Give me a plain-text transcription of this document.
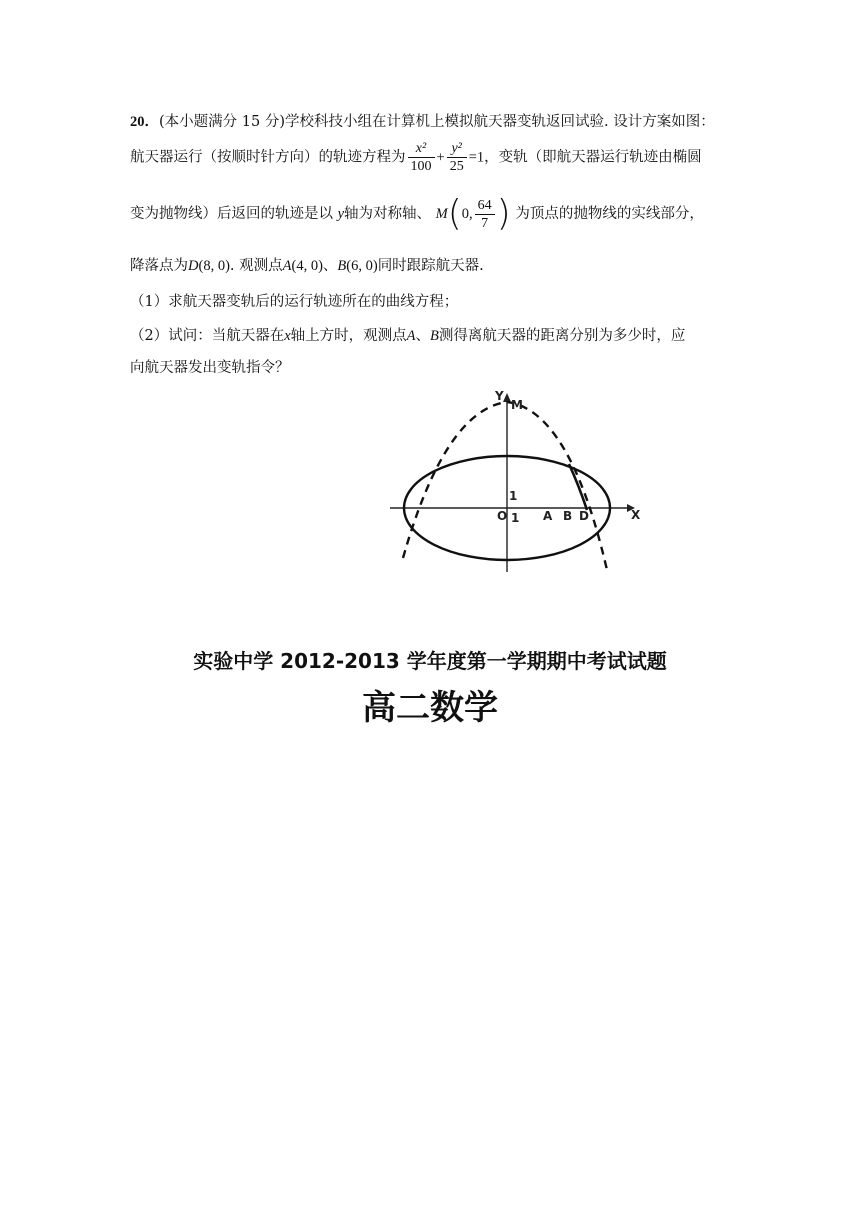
20．(本小题满分 15 分)学校科技小组在计算机上模拟航天器变轨返回试验. 设计方案如图：
航天器运行（按顺时针方向）的轨迹方程为 $\frac{\text{x²}}{100} + \frac{\text{y²}}{25} =1$，变轨（即航天器运行轨迹由椭圆
变为抛物线）后返回的轨迹是以 y轴为对称轴、 M(0, $\frac{64}{7}$ ) 为顶点的抛物线的实线部分，
降落点为D(8, 0). 观测点A(4, 0)、B(6, 0)同时跟踪航天器.
（1）求航天器变轨后的运行轨迹所在的曲线方程；
（2）试问：当航天器在x轴上方时，观测点A、B测得离航天器的距离分别为多少时，应
向航天器发出变轨指令？
Y
M
X
O 1
1
A B D
实验中学 2012-2013 学年度第一学期期中考试试题
高二数学
